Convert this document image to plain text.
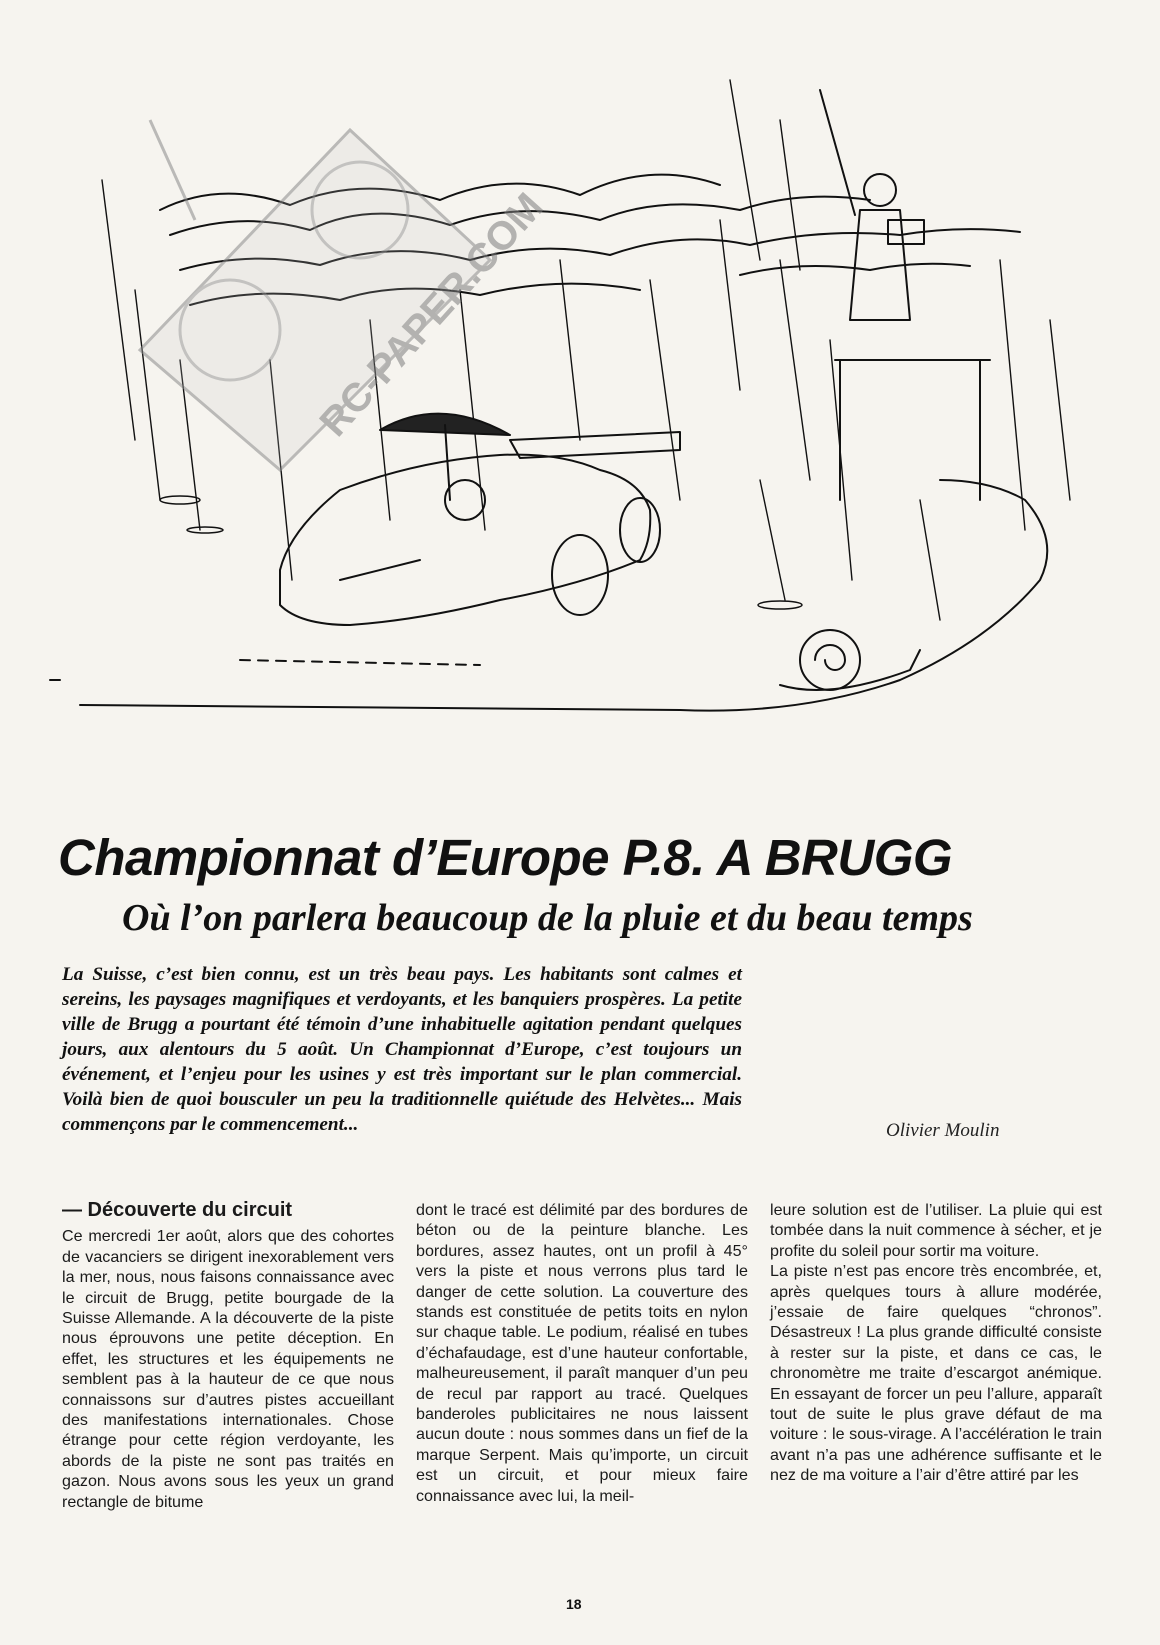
RC-PAPER.COM
Championnat d’Europe P.8. A BRUGG
Où l’on parlera beaucoup de la pluie et du beau temps

La Suisse, c’est bien connu, est un très beau pays. Les habitants sont calmes et sereins, les paysages magnifiques et verdoyants, et les banquiers prospères. La petite ville de Brugg a pourtant été témoin d’une inhabituelle agitation pendant quelques jours, aux alentours du 5 août. Un Championnat d’Europe, c’est toujours un événement, et l’enjeu pour les usines y est très important sur le plan commercial. Voilà bien de quoi bousculer un peu la traditionnelle quiétude des Helvètes... Mais commençons par le commencement...	Olivier Moulin
— Découverte du circuit

Ce mercredi 1er août, alors que des cohortes de vacanciers se dirigent inexorablement vers la mer, nous, nous faisons connaissance avec le circuit de Brugg, petite bourgade de la Suisse Allemande. A la découverte de la piste nous éprouvons une petite déception. En effet, les structures et les équipements ne semblent pas à la hauteur de ce que nous connaissons sur d’autres pistes accueillant des manifestations internationales. Chose étrange pour cette région verdoyante, les abords de la piste ne sont pas traités en gazon. Nous avons sous les yeux un grand rectangle de bitume

dont le tracé est délimité par des bordures de béton ou de la peinture blanche. Les bordures, assez hautes, ont un profil à 45° vers la piste et nous verrons plus tard le danger de cette solution. La couverture des stands est constituée de petits toits en nylon sur chaque table. Le podium, réalisé en tubes d’échafaudage, est d’une hauteur confortable, malheureusement, il paraît manquer d’un peu de recul par rapport au tracé. Quelques banderoles publicitaires ne nous laissent aucun doute : nous sommes dans un fief de la marque Serpent. Mais qu’importe, un circuit est un circuit, et pour mieux faire connaissance avec lui, la meil-

leure solution est de l’utiliser. La pluie qui est tombée dans la nuit commence à sécher, et je profite du soleil pour sortir ma voiture.

La piste n’est pas encore très encombrée, et, après quelques tours à allure modérée, j’essaie de faire quelques “chronos”. Désastreux ! La plus grande difficulté consiste à rester sur la piste, et dans ce cas, le chronomètre me traite d’escargot anémique. En essayant de forcer un peu l’allure, apparaît tout de suite le plus grave défaut de ma voiture : le sous-virage. A l’accélération le train avant n’a pas une adhérence suffisante et le nez de ma voiture a l’air d’être attiré par les

18
